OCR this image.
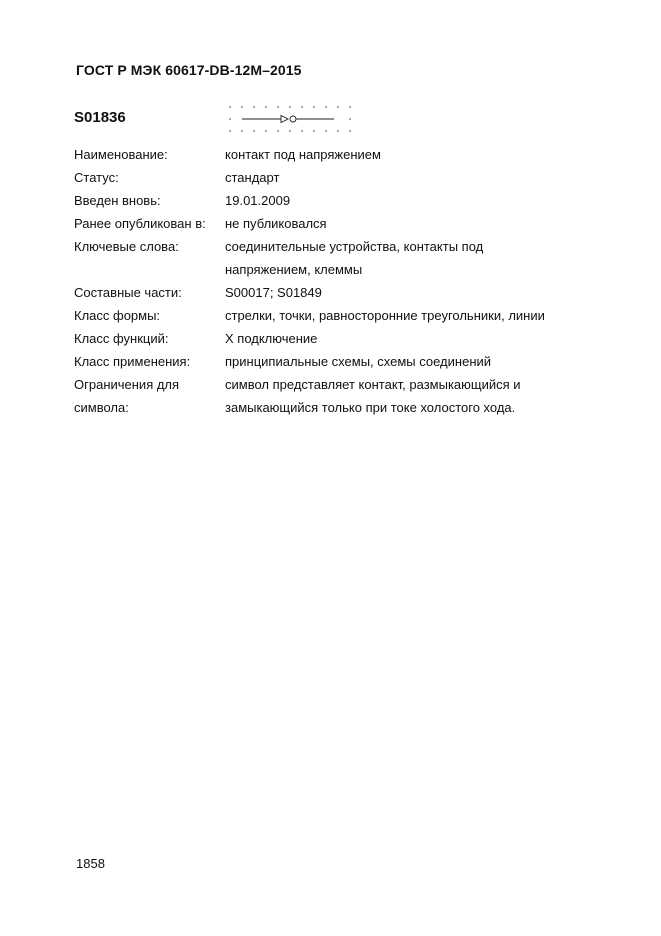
ГОСТ Р МЭК 60617-DB-12M–2015
S01836
Наименование:	контакт под напряжением
Статус:	стандарт
Введен вновь:	19.01.2009
Ранее опубликован в:	не публиковался
Ключевые слова:	соединительные устройства, контакты под
напряжением, клеммы
Составные части:	S00017; S01849
Класс формы:	стрелки, точки, равносторонние треугольники, линии
Класс функций:	X подключение
Класс применения:	принципиальные схемы, схемы соединений
Ограничения для	символ представляет контакт, размыкающийся и
символа:	замыкающийся только при токе холостого хода.
1858
